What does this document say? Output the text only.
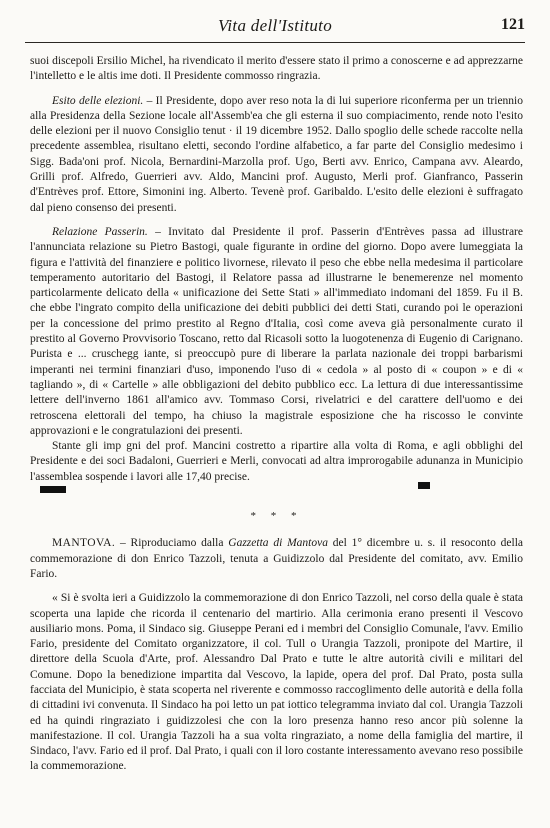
Vita dell'Istituto	121

suoi discepoli Ersilio Michel, ha rivendicato il merito d'essere stato il primo a conoscerne e ad apprezzarne l'intelletto e le altis ime doti. Il Presidente commosso ringrazia.

Esito delle elezioni. – Il Presidente, dopo aver reso nota la di lui superiore riconferma per un triennio alla Presidenza della Sezione locale all'Assemb'ea che gli esterna il suo compiacimento, rende noto l'esito delle elezioni per il nuovo Consiglio tenut · il 19 dicembre 1952. Dallo spoglio delle schede raccolte nella precedente assemblea, risultano eletti, secondo l'ordine alfabetico, a far parte del Consiglio medesimo i Sigg. Bada'oni prof. Nicola, Bernardini-Marzolla prof. Ugo, Berti avv. Enrico, Campana avv. Aleardo, Grilli prof. Alfredo, Guerrieri avv. Aldo, Mancini prof. Augusto, Merli prof. Gianfranco, Passerin d'Entrèves prof. Ettore, Simonini ing. Alberto. Tevenè prof. Garibaldo. L'esito delle elezioni è suffragato dal pieno consenso dei presenti.

Relazione Passerin. – Invitato dal Presidente il prof. Passerin d'Entrèves passa ad illustrare l'annunciata relazione su Pietro Bastogi, quale figurante in ordine del giorno. Dopo avere lumeggiata la figura e l'attività del finanziere e politico livornese, rilevato il peso che ebbe nella medesima il particolare temperamento autoritario del Bastogi, il Relatore passa ad illustrarne le benemerenze nel momento particolarmente delicato della « unificazione dei Sette Stati » all'immediato indomani del 1859. Fu il B. che ebbe l'ingrato compito della unificazione dei debiti pubblici dei detti Stati, curando poi le operazioni per la concessione del primo prestito al Regno d'Italia, così come aveva già personalmente curato il prestito al Governo Provvisorio Toscano, retto dal Ricasoli sotto la luogotenenza di Eugenio di Carignano. Purista e ... cruschegg iante, si preoccupò pure di liberare la parlata nazionale dei troppi barbarismi imperanti nei termini finanziari d'uso, imponendo l'uso di « cedola » al posto di « coupon » e di « tagliando », di « Cartelle » alle obbligazioni del debito pubblico ecc. La lettura di due interessantissime lettere dell'inverno 1861 all'amico avv. Tommaso Corsi, rivelatrici e del carattere dell'uomo e dei retroscena elettorali del tempo, ha chiuso la magistrale esposizione che ha riscosso le convinte approvazioni e le congratulazioni dei presenti.

Stante gli imp gni del prof. Mancini costretto a ripartire alla volta di Roma, e agli obblighi del Presidente e dei soci Badaloni, Guerrieri e Merli, convocati ad altra improrogabile adunanza in Municipio l'assemblea sospende i lavori alle 17,40 precise.

* * *

MANTOVA. – Riproduciamo dalla Gazzetta di Mantova del 1° dicembre u. s. il resoconto della commemorazione di don Enrico Tazzoli, tenuta a Guidizzolo dal Presidente del comitato, avv. Emilio Fario.

« Si è svolta ieri a Guidizzolo la commemorazione di don Enrico Tazzoli, nel corso della quale è stata scoperta una lapide che ricorda il centenario del martirio. Alla cerimonia erano presenti il Vescovo ausiliario mons. Poma, il Sindaco sig. Giuseppe Perani ed i membri del Consiglio Comunale, l'avv. Emilio Fario, presidente del Comitato organizzatore, il col. Tull o Urangia Tazzoli, pronipote del Martire, il direttore della Scuola d'Arte, prof. Alessandro Dal Prato e tutte le altre autorità civili e militari del Comune. Dopo la benedizione impartita dal Vescovo, la lapide, opera del prof. Dal Prato, posta sulla facciata del Municipio, è stata scoperta nel riverente e commosso raccoglimento delle autorità e della folla di cittadini ivi convenuta. Il Sindaco ha poi letto un pat iottico telegramma inviato dal col. Urangia Tazzoli ed ha quindi ringraziato i guidizzolesi che con la loro presenza hanno reso ancor più solenne la manifestazione. Il col. Urangia Tazzoli ha a sua volta ringraziato, a nome della famiglia del martire, il Sindaco, l'avv. Fario ed il prof. Dal Prato, i quali con il loro costante interessamento avevano reso possibile la commemorazione.
